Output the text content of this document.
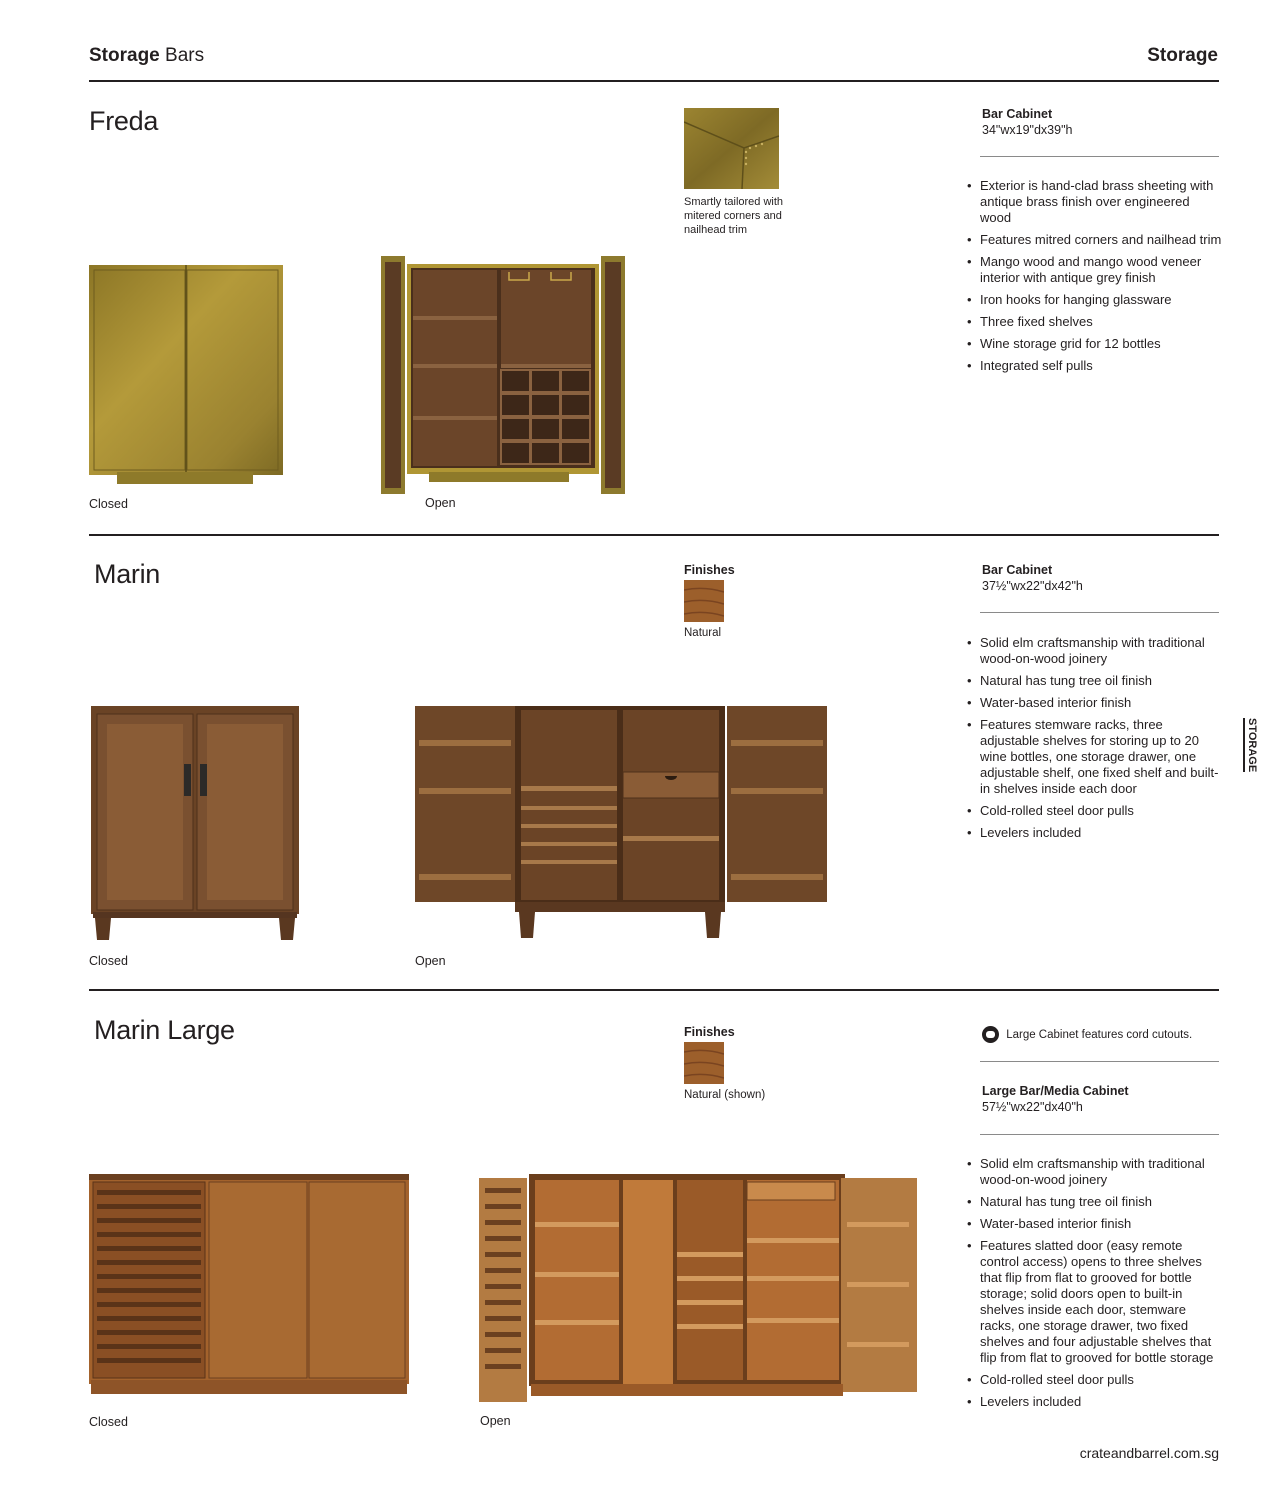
Storage Bars	Storage
Freda
Closed	Open
Smartly tailored with mitered corners and nailhead trim
Bar Cabinet
34"wx19"dx39"h
• Exterior is hand-clad brass sheeting with antique brass finish over engineered wood
• Features mitred corners and nailhead trim
• Mango wood and mango wood veneer interior with antique grey finish
• Iron hooks for hanging glassware
• Three fixed shelves
• Wine storage grid for 12 bottles
• Integrated self pulls
Marin
Closed	Open
Finishes
Natural
Bar Cabinet
37½"wx22"dx42"h
• Solid elm craftsmanship with traditional wood-on-wood joinery
• Natural has tung tree oil finish
• Water-based interior finish
• Features stemware racks, three adjustable shelves for storing up to 20 wine bottles, one storage drawer, one adjustable shelf, one fixed shelf and built-in shelves inside each door
• Cold-rolled steel door pulls
• Levelers included
STORAGE
Marin Large
Closed	Open
Finishes
Natural (shown)
Large Cabinet features cord cutouts.
Large Bar/Media Cabinet
57½"wx22"dx40"h
• Solid elm craftsmanship with traditional wood-on-wood joinery
• Natural has tung tree oil finish
• Water-based interior finish
• Features slatted door (easy remote control access) opens to three shelves that flip from flat to grooved for bottle storage; solid doors open to built-in shelves inside each door, stemware racks, one storage drawer, two fixed shelves and four adjustable shelves that flip from flat to grooved for bottle storage
• Cold-rolled steel door pulls
• Levelers included
crateandbarrel.com.sg
